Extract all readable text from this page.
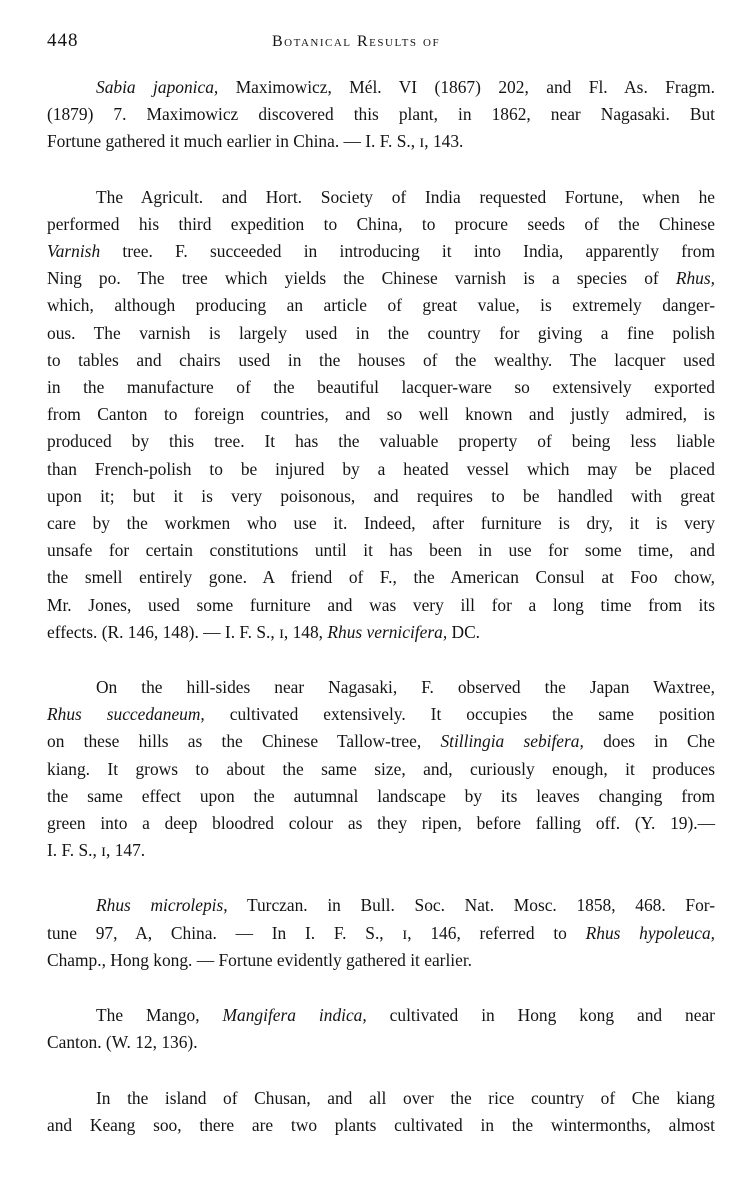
448	Botanical Results of

Sabia japonica, Maximowicz, Mél. VI (1867) 202, and Fl. As. Fragm.
(1879) 7. Maximowicz discovered this plant, in 1862, near Nagasaki. But
Fortune gathered it much earlier in China. — I. F. S., ɪ, 143.

The Agricult. and Hort. Society of India requested Fortune, when he
performed his third expedition to China, to procure seeds of the Chinese
Varnish tree. F. succeeded in introducing it into India, apparently from
Ning po. The tree which yields the Chinese varnish is a species of Rhus,
which, although producing an article of great value, is extremely danger-
ous. The varnish is largely used in the country for giving a fine polish
to tables and chairs used in the houses of the wealthy. The lacquer used
in the manufacture of the beautiful lacquer-ware so extensively exported
from Canton to foreign countries, and so well known and justly admired, is
produced by this tree. It has the valuable property of being less liable
than French-polish to be injured by a heated vessel which may be placed
upon it; but it is very poisonous, and requires to be handled with great
care by the workmen who use it. Indeed, after furniture is dry, it is very
unsafe for certain constitutions until it has been in use for some time, and
the smell entirely gone. A friend of F., the American Consul at Foo chow,
Mr. Jones, used some furniture and was very ill for a long time from its
effects. (R. 146, 148). — I. F. S., ɪ, 148, Rhus vernicifera, DC.

On the hill-sides near Nagasaki, F. observed the Japan Waxtree,
Rhus succedaneum, cultivated extensively. It occupies the same position
on these hills as the Chinese Tallow-tree, Stillingia sebifera, does in Che
kiang. It grows to about the same size, and, curiously enough, it produces
the same effect upon the autumnal landscape by its leaves changing from
green into a deep bloodred colour as they ripen, before falling off. (Y. 19).—
I. F. S., ɪ, 147.

Rhus microlepis, Turczan. in Bull. Soc. Nat. Mosc. 1858, 468. For-
tune 97, A, China. — In I. F. S., ɪ, 146, referred to Rhus hypoleuca,
Champ., Hong kong. — Fortune evidently gathered it earlier.

The Mango, Mangifera indica, cultivated in Hong kong and near
Canton. (W. 12, 136).

In the island of Chusan, and all over the rice country of Che kiang
and Keang soo, there are two plants cultivated in the wintermonths, almost
